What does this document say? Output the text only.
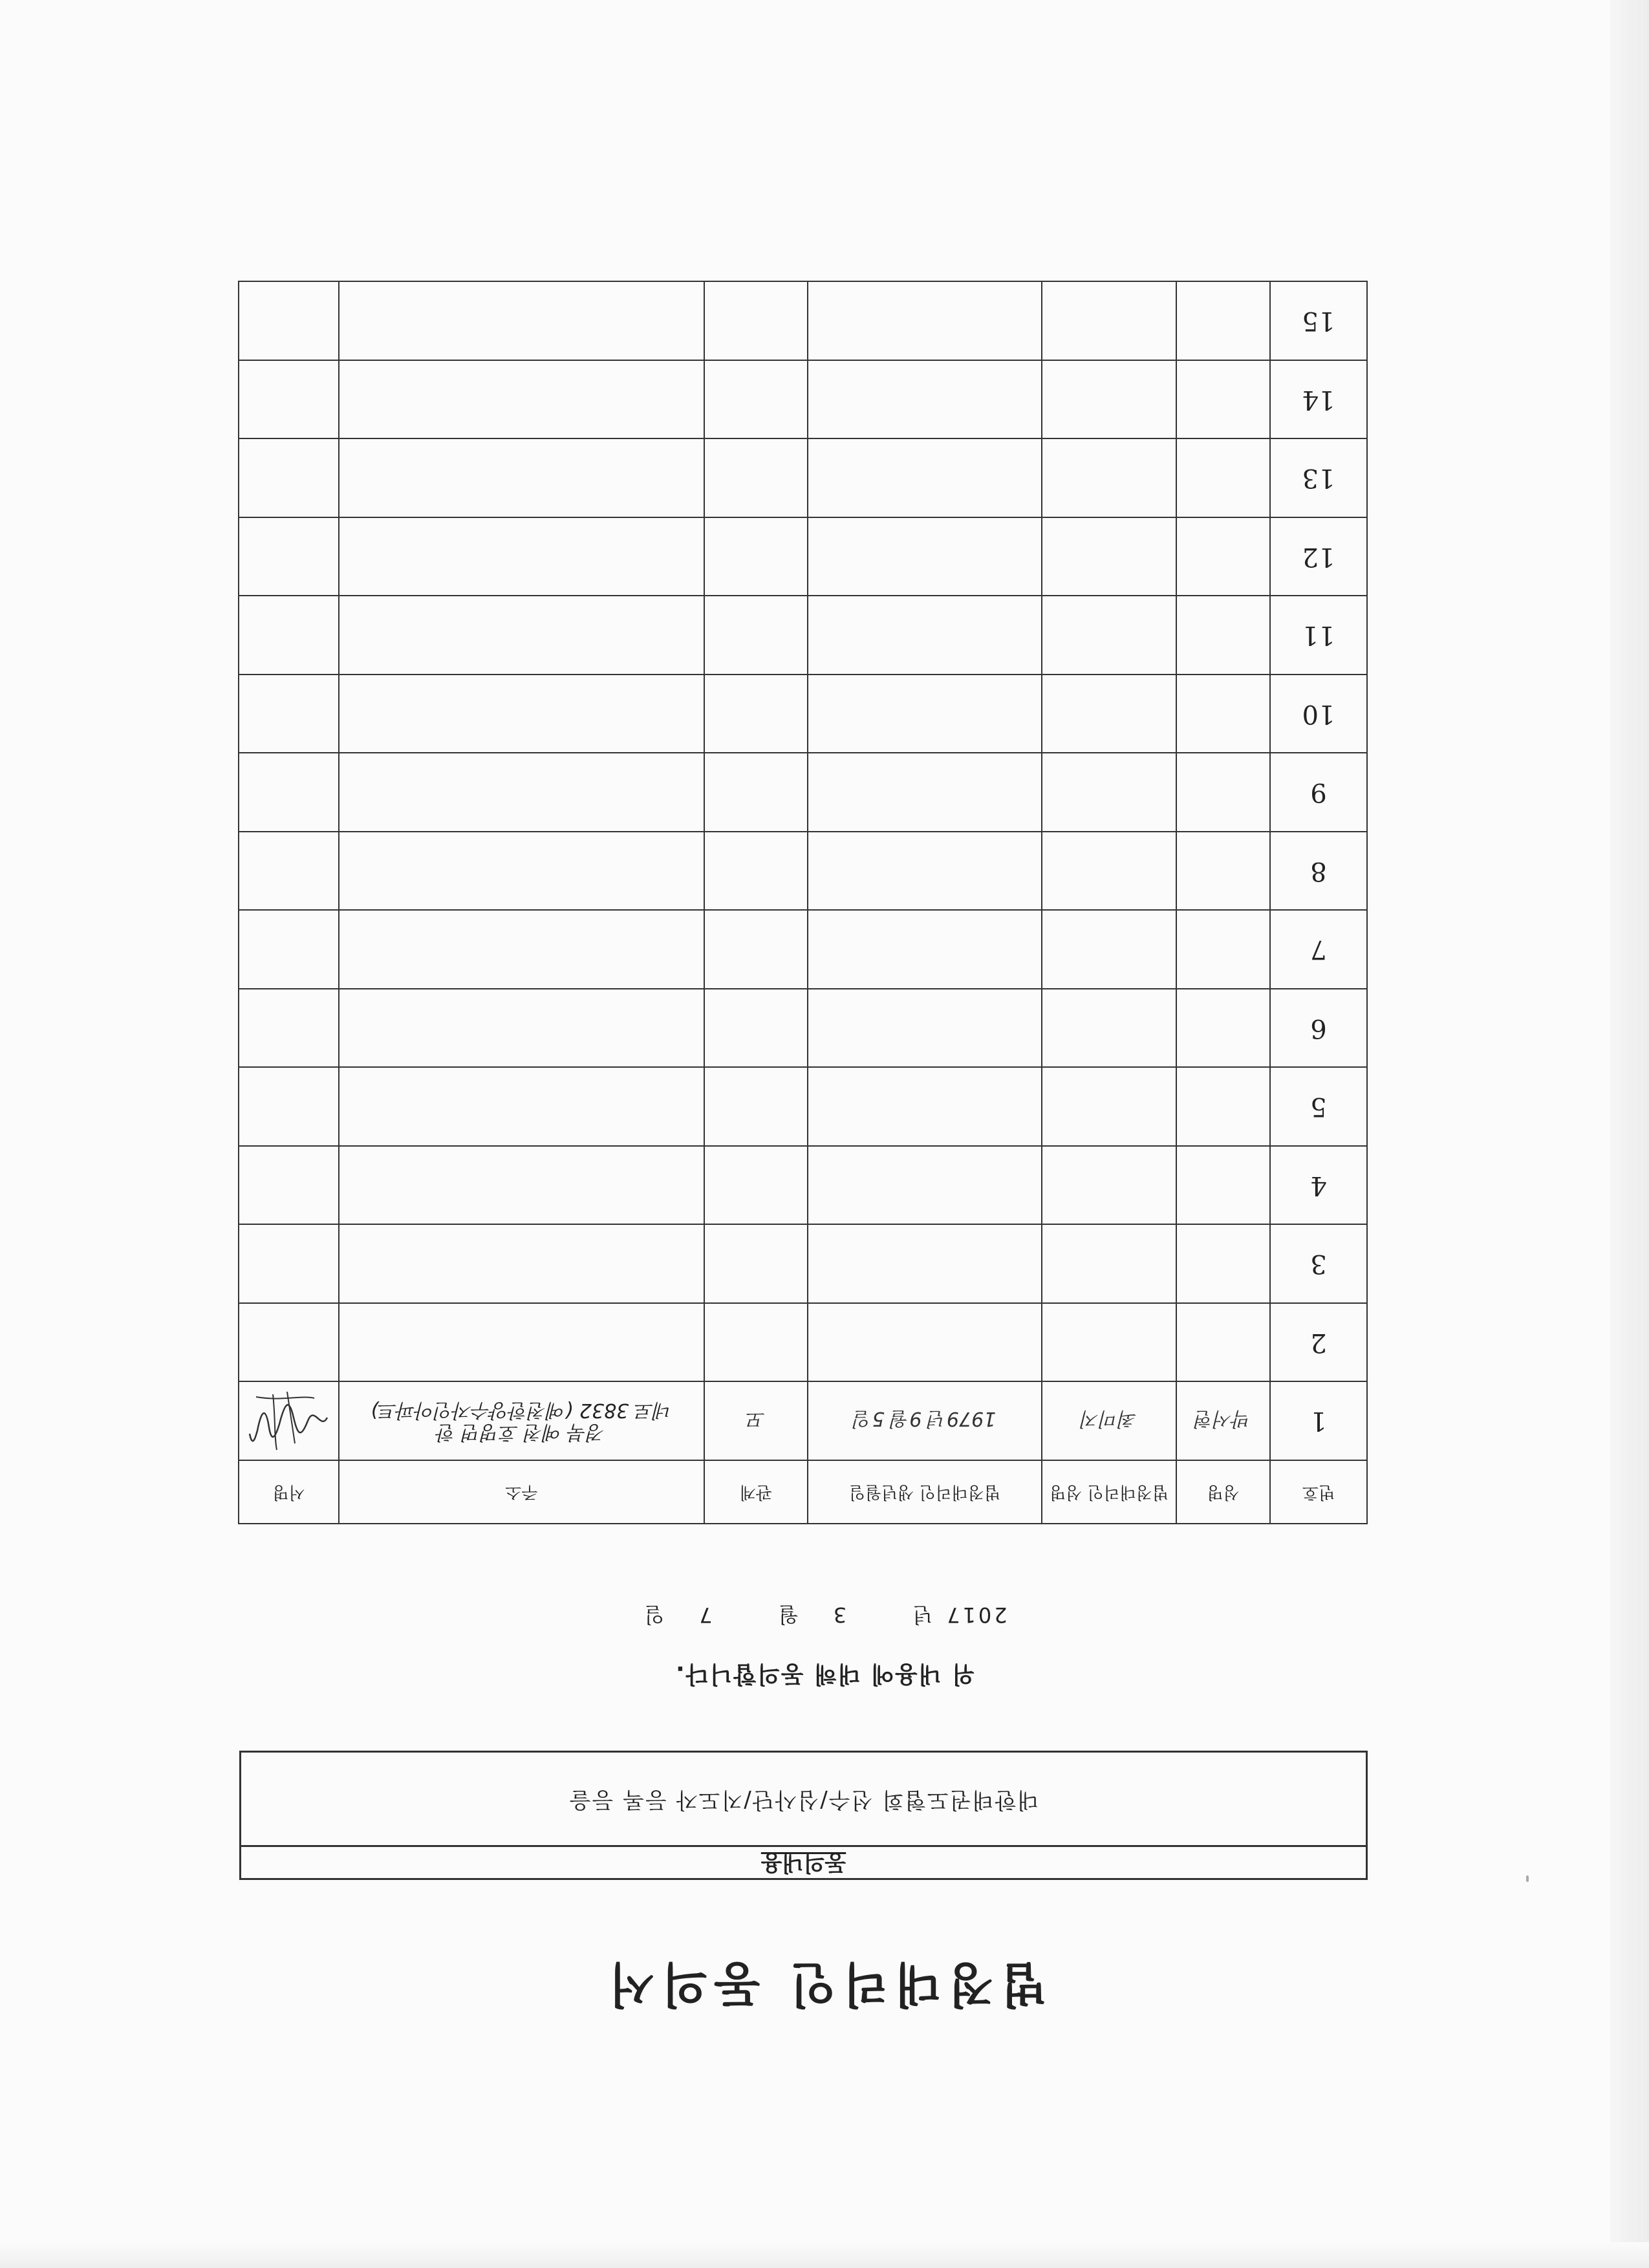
법정대리인 동의서
동의내용
대한태권도협회 선수/심사단/지도자 등록 등을
위 내용에 대해 동의합니다.
2017년 3월 7일
번호	성명	법정대리인 성명	법정대리인 생년월일	관계	주소	서명
1	박서현	최미지	1979년 9월 5일	모	경북 예천 호명면 한
네로 3832 (예천한양수자인아파트)

2						
3						
4						
5						
6						
7						
8						
9						
10						
11						
12						
13						
14						
15						
